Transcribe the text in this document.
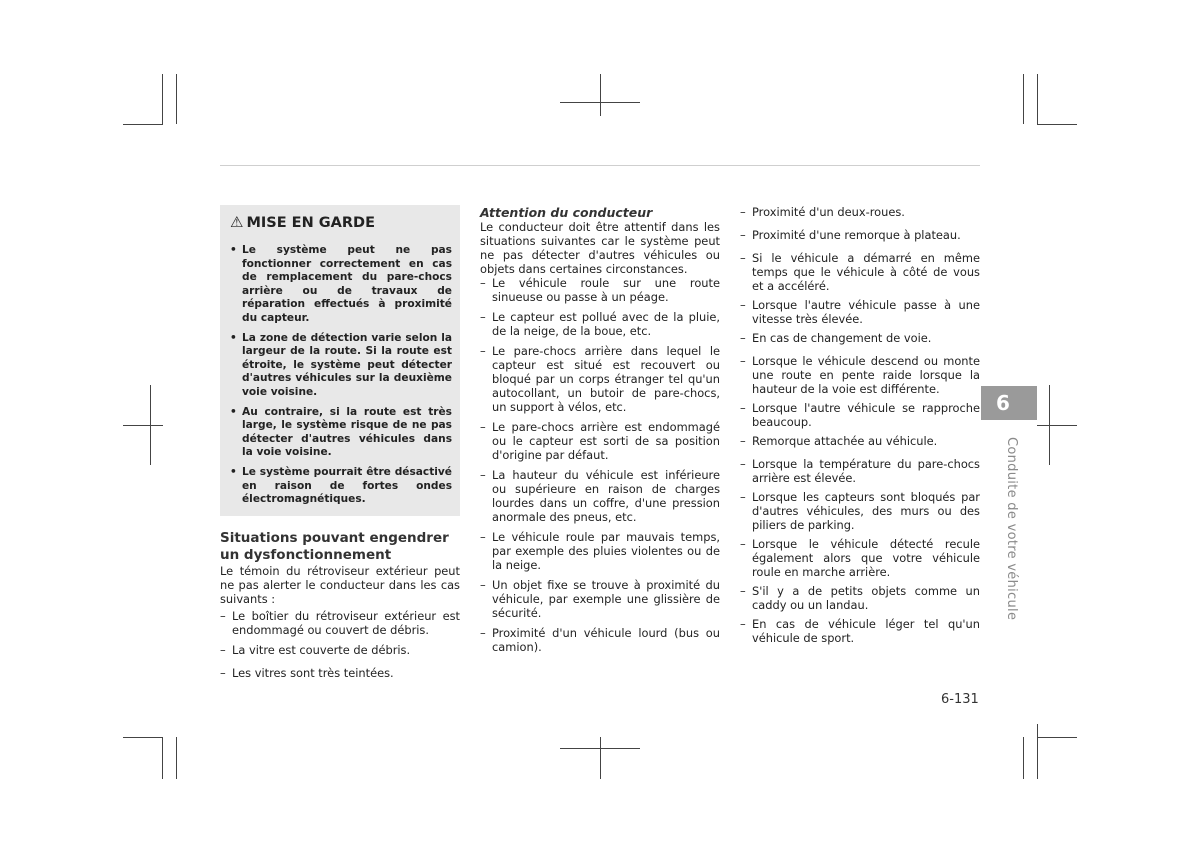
⚠ MISE EN GARDE
• Le système peut ne pas fonctionner correctement en cas de remplacement du pare-chocs arrière ou de travaux de réparation effectués à proximité du capteur.
• La zone de détection varie selon la largeur de la route. Si la route est étroite, le système peut détecter d'autres véhicules sur la deuxième voie voisine.
• Au contraire, si la route est très large, le système risque de ne pas détecter d'autres véhicules dans la voie voisine.
• Le système pourrait être désactivé en raison de fortes ondes électromagnétiques.
Situations pouvant engendrer un dysfonctionnement

Le témoin du rétroviseur extérieur peut ne pas alerter le conducteur dans les cas suivants :

– Le boîtier du rétroviseur extérieur est endommagé ou couvert de débris.
– La vitre est couverte de débris.
– Les vitres sont très teintées.
Attention du conducteur

Le conducteur doit être attentif dans les situations suivantes car le système peut ne pas détecter d'autres véhicules ou objets dans certaines circonstances.

– Le véhicule roule sur une route sinueuse ou passe à un péage.
– Le capteur est pollué avec de la pluie, de la neige, de la boue, etc.
– Le pare-chocs arrière dans lequel le capteur est situé est recouvert ou bloqué par un corps étranger tel qu'un autocollant, un butoir de pare-chocs, un support à vélos, etc.
– Le pare-chocs arrière est endommagé ou le capteur est sorti de sa position d'origine par défaut.
– La hauteur du véhicule est inférieure ou supérieure en raison de charges lourdes dans un coffre, d'une pression anormale des pneus, etc.
– Le véhicule roule par mauvais temps, par exemple des pluies violentes ou de la neige.
– Un objet fixe se trouve à proximité du véhicule, par exemple une glissière de sécurité.
– Proximité d'un véhicule lourd (bus ou camion).
– Proximité d'un deux-roues.
– Proximité d'une remorque à plateau.
– Si le véhicule a démarré en même temps que le véhicule à côté de vous et a accéléré.
– Lorsque l'autre véhicule passe à une vitesse très élevée.
– En cas de changement de voie.
– Lorsque le véhicule descend ou monte une route en pente raide lorsque la hauteur de la voie est différente.
– Lorsque l'autre véhicule se rapproche beaucoup.
– Remorque attachée au véhicule.
– Lorsque la température du pare-chocs arrière est élevée.
– Lorsque les capteurs sont bloqués par d'autres véhicules, des murs ou des piliers de parking.
– Lorsque le véhicule détecté recule également alors que votre véhicule roule en marche arrière.
– S'il y a de petits objets comme un caddy ou un landau.
– En cas de véhicule léger tel qu'un véhicule de sport.
6
Conduite de votre véhicule
6-131
